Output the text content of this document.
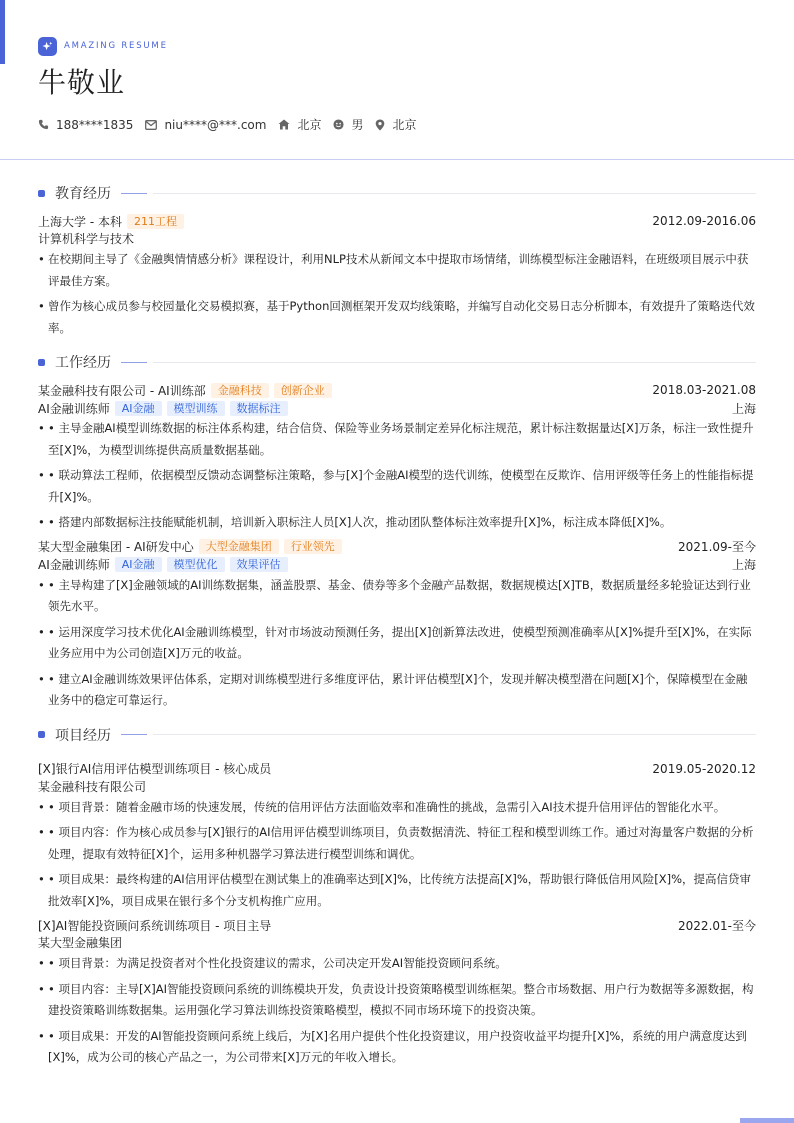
AMAZING RESUME
牛敬业
188****1835	niu****@***.com	北京	男 北京
教育经历
上海大学 - 本科	211工程	2012.09-2016.06
计算机科学与技术
• 在校期间主导了《金融舆情情感分析》课程设计，利用NLP技术从新闻文本中提取市场情绪，训练模型标注金融语料，在班级项目展示中获评最佳方案。
• 曾作为核心成员参与校园量化交易模拟赛，基于Python回测框架开发双均线策略，并编写自动化交易日志分析脚本，有效提升了策略迭代效率。
工作经历
某金融科技有限公司 - AI训练部	金融科技	创新企业	2018.03-2021.08
AI金融训练师	AI金融	模型训练	数据标注	上海
• • 主导金融AI模型训练数据的标注体系构建，结合信贷、保险等业务场景制定差异化标注规范，累计标注数据量达[X]万条，标注一致性提升至[X]%，为模型训练提供高质量数据基础。
• • 联动算法工程师，依据模型反馈动态调整标注策略，参与[X]个金融AI模型的迭代训练，使模型在反欺诈、信用评级等任务上的性能指标提升[X]%。
• • 搭建内部数据标注技能赋能机制，培训新入职标注人员[X]人次，推动团队整体标注效率提升[X]%，标注成本降低[X]%。
某大型金融集团 - AI研发中心	大型金融集团	行业领先	2021.09-至今
AI金融训练师	AI金融	模型优化	效果评估	上海
• • 主导构建了[X]金融领域的AI训练数据集，涵盖股票、基金、债券等多个金融产品数据，数据规模达[X]TB，数据质量经多轮验证达到行业领先水平。
• • 运用深度学习技术优化AI金融训练模型，针对市场波动预测任务，提出[X]创新算法改进，使模型预测准确率从[X]%提升至[X]%，在实际业务应用中为公司创造[X]万元的收益。
• • 建立AI金融训练效果评估体系，定期对训练模型进行多维度评估，累计评估模型[X]个，发现并解决模型潜在问题[X]个，保障模型在金融业务中的稳定可靠运行。
项目经历
[X]银行AI信用评估模型训练项目 - 核心成员	2019.05-2020.12
某金融科技有限公司
• • 项目背景：随着金融市场的快速发展，传统的信用评估方法面临效率和准确性的挑战，急需引入AI技术提升信用评估的智能化水平。
• • 项目内容：作为核心成员参与[X]银行的AI信用评估模型训练项目，负责数据清洗、特征工程和模型训练工作。通过对海量客户数据的分析处理，提取有效特征[X]个，运用多种机器学习算法进行模型训练和调优。
• • 项目成果：最终构建的AI信用评估模型在测试集上的准确率达到[X]%，比传统方法提高[X]%，帮助银行降低信用风险[X]%，提高信贷审批效率[X]%，项目成果在银行多个分支机构推广应用。
[X]AI智能投资顾问系统训练项目 - 项目主导	2022.01-至今
某大型金融集团
• • 项目背景：为满足投资者对个性化投资建议的需求，公司决定开发AI智能投资顾问系统。
• • 项目内容：主导[X]AI智能投资顾问系统的训练模块开发，负责设计投资策略模型训练框架。整合市场数据、用户行为数据等多源数据，构建投资策略训练数据集。运用强化学习算法训练投资策略模型，模拟不同市场环境下的投资决策。
• • 项目成果：开发的AI智能投资顾问系统上线后，为[X]名用户提供个性化投资建议，用户投资收益平均提升[X]%，系统的用户满意度达到[X]%，成为公司的核心产品之一，为公司带来[X]万元的年收入增长。
